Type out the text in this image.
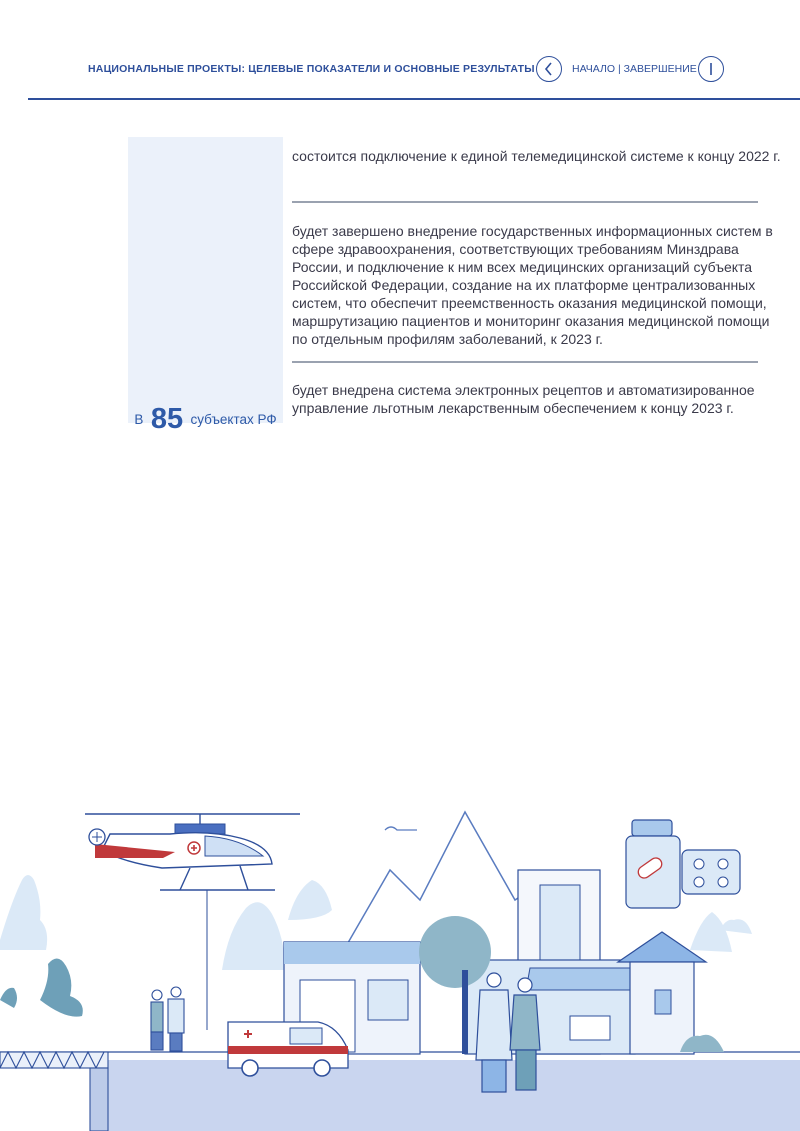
НАЦИОНАЛЬНЫЕ ПРОЕКТЫ: ЦЕЛЕВЫЕ ПОКАЗАТЕЛИ И ОСНОВНЫЕ РЕЗУЛЬТАТЫ	НАЧАЛО | ЗАВЕРШЕНИЕ
В 85 субъектах РФ
состоится подключение к единой телемедицинской системе к концу 2022 г.
будет завершено внедрение государственных информационных систем в сфере здравоохранения, соответствующих требованиям Минздрава России, и подключение к ним всех медицинских организаций субъекта Российской Федерации, создание на их платформе централизованных систем, что обеспечит преемственность оказания медицинской помощи, маршрутизацию пациентов и мониторинг оказания медицинской помощи по отдельным профилям заболеваний, к 2023 г.
будет внедрена система электронных рецептов и автоматизированное управление льготным лекарственным обеспечением к концу 2023 г.
